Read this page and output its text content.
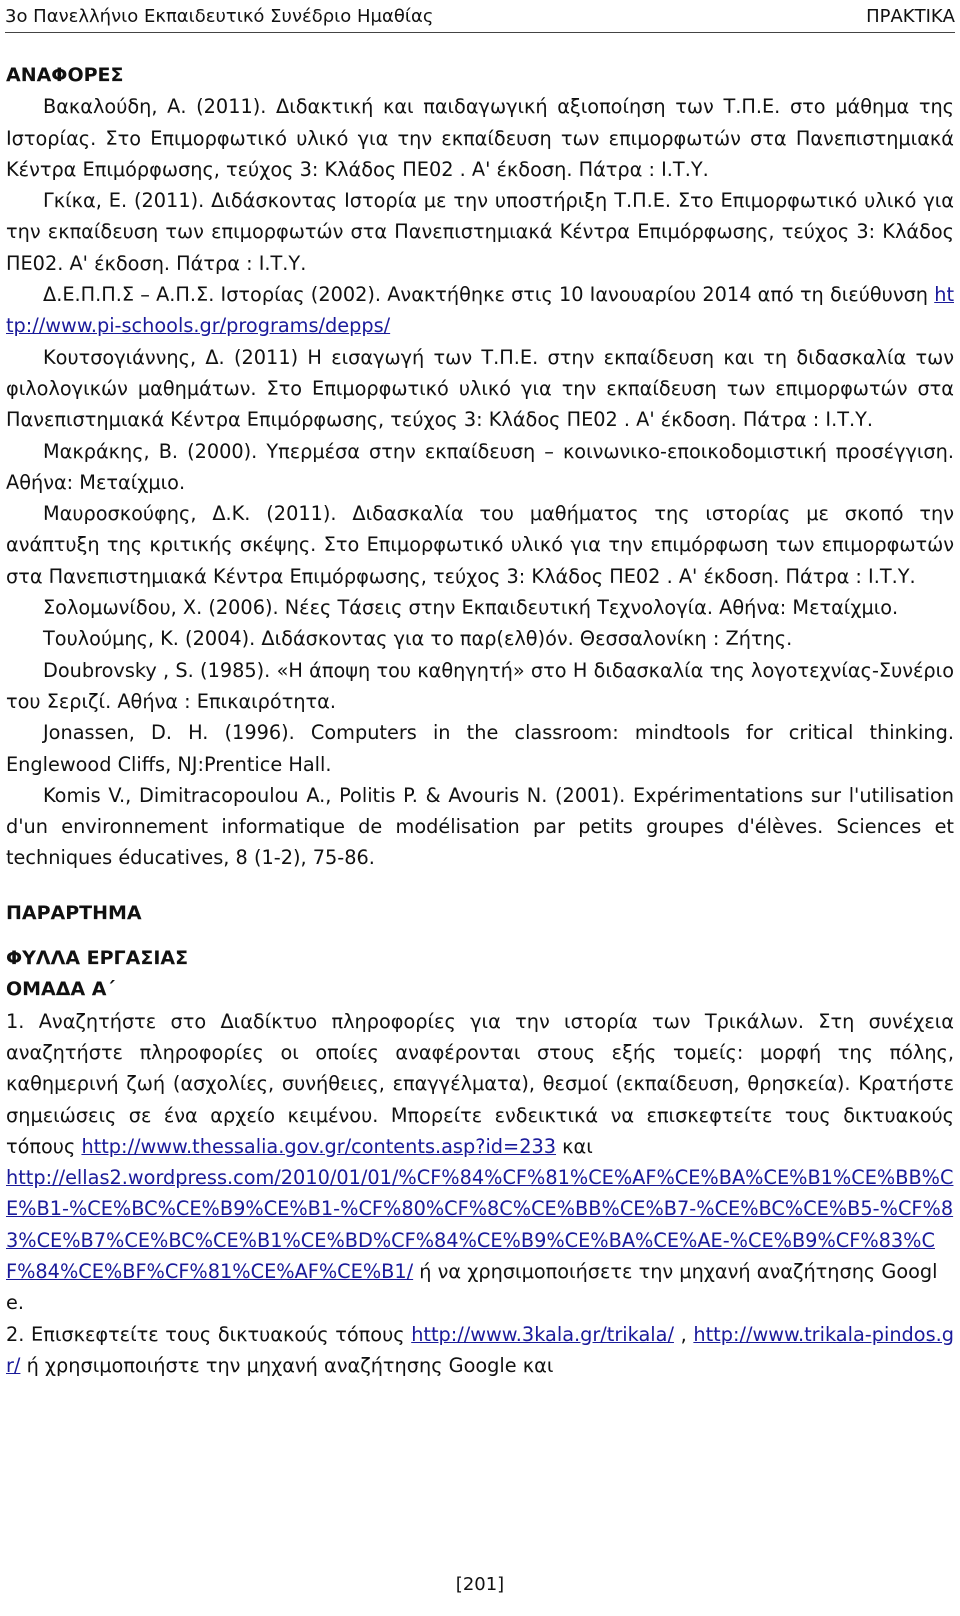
3ο Πανελλήνιο Εκπαιδευτικό Συνέδριο Ημαθίας	ΠΡΑΚΤΙΚΑ

ΑΝΑΦΟΡΕΣ

Βακαλούδη, Α. (2011). Διδακτική και παιδαγωγική αξιοποίηση των Τ.Π.Ε. στο μάθημα της Ιστορίας. Στο Επιμορφωτικό υλικό για την εκπαίδευση των επιμορφωτών στα Πανεπιστημιακά Κέντρα Επιμόρφωσης, τεύχος 3: Κλάδος ΠΕ02 . Α' έκδοση. Πάτρα : Ι.Τ.Υ.

Γκίκα, Ε. (2011). Διδάσκοντας Ιστορία με την υποστήριξη Τ.Π.Ε. Στο Επιμορφωτικό υλικό για την εκπαίδευση των επιμορφωτών στα Πανεπιστημιακά Κέντρα Επιμόρφωσης, τεύχος 3: Κλάδος ΠΕ02. Α' έκδοση. Πάτρα : Ι.Τ.Υ.

Δ.Ε.Π.Π.Σ – Α.Π.Σ. Ιστορίας (2002). Ανακτήθηκε στις 10 Ιανουαρίου 2014 από τη διεύθυνση http://www.pi-schools.gr/programs/depps/

Κουτσογιάννης, Δ. (2011) Η εισαγωγή των Τ.Π.Ε. στην εκπαίδευση και τη διδασκαλία των φιλολογικών μαθημάτων. Στο Επιμορφωτικό υλικό για την εκπαίδευση των επιμορφωτών στα Πανεπιστημιακά Κέντρα Επιμόρφωσης, τεύχος 3: Κλάδος ΠΕ02 . Α' έκδοση. Πάτρα : Ι.Τ.Υ.

Μακράκης, Β. (2000). Υπερμέσα στην εκπαίδευση – κοινωνικο-εποικοδομιστική προσέγγιση. Αθήνα: Μεταίχμιο.

Μαυροσκούφης, Δ.Κ. (2011). Διδασκαλία του μαθήματος της ιστορίας με σκοπό την ανάπτυξη της κριτικής σκέψης. Στο Επιμορφωτικό υλικό για την επιμόρφωση των επιμορφωτών στα Πανεπιστημιακά Κέντρα Επιμόρφωσης, τεύχος 3: Κλάδος ΠΕ02 . Α' έκδοση. Πάτρα : Ι.Τ.Υ.

Σολομωνίδου, Χ. (2006). Νέες Τάσεις στην Εκπαιδευτική Τεχνολογία. Αθήνα: Μεταίχμιο.

Τουλούμης, Κ. (2004). Διδάσκοντας για το παρ(ελθ)όν. Θεσσαλονίκη : Ζήτης.

Doubrovsky , S. (1985). «Η άποψη του καθηγητή» στο Η διδασκαλία της λογοτεχνίας-Συνέριο του Σεριζί. Αθήνα : Επικαιρότητα.

Jonassen, D. H. (1996). Computers in the classroom: mindtools for critical thinking. Englewood Cliffs, NJ:Prentice Hall.

Komis V., Dimitracopoulou A., Politis P. & Avouris N. (2001). Expérimentations sur l'utilisation d'un environnement informatique de modélisation par petits groupes d'élèves. Sciences et techniques éducatives, 8 (1-2), 75-86.

ΠΑΡΑΡΤΗΜΑ

ΦΥΛΛΑ ΕΡΓΑΣΙΑΣ

ΟΜΑΔΑ Α΄

1. Αναζητήστε στο Διαδίκτυο πληροφορίες για την ιστορία των Τρικάλων. Στη συνέχεια αναζητήστε πληροφορίες οι οποίες αναφέρονται στους εξής τομείς: μορφή της πόλης, καθημερινή ζωή (ασχολίες, συνήθειες, επαγγέλματα), θεσμοί (εκπαίδευση, θρησκεία). Κρατήστε σημειώσεις σε ένα αρχείο κειμένου. Μπορείτε ενδεικτικά να επισκεφτείτε τους δικτυακούς τόπους http://www.thessalia.gov.gr/contents.asp?id=233 και

http://ellas2.wordpress.com/2010/01/01/%CF%84%CF%81%CE%AF%CE%BA%CE%B1%CE%BB%CE%B1-%CE%BC%CE%B9%CE%B1-%CF%80%CF%8C%CE%BB%CE%B7-%CE%BC%CE%B5-%CF%83%CE%B7%CE%BC%CE%B1%CE%BD%CF%84%CE%B9%CE%BA%CE%AE-%CE%B9%CF%83%CF%84%CE%BF%CF%81%CE%AF%CE%B1/ ή να χρησιμοποιήσετε την μηχανή αναζήτησης Google.

2. Επισκεφτείτε τους δικτυακούς τόπους http://www.3kala.gr/trikala/ , http://www.trikala-pindos.gr/ ή χρησιμοποιήστε την μηχανή αναζήτησης Google και

[201]
